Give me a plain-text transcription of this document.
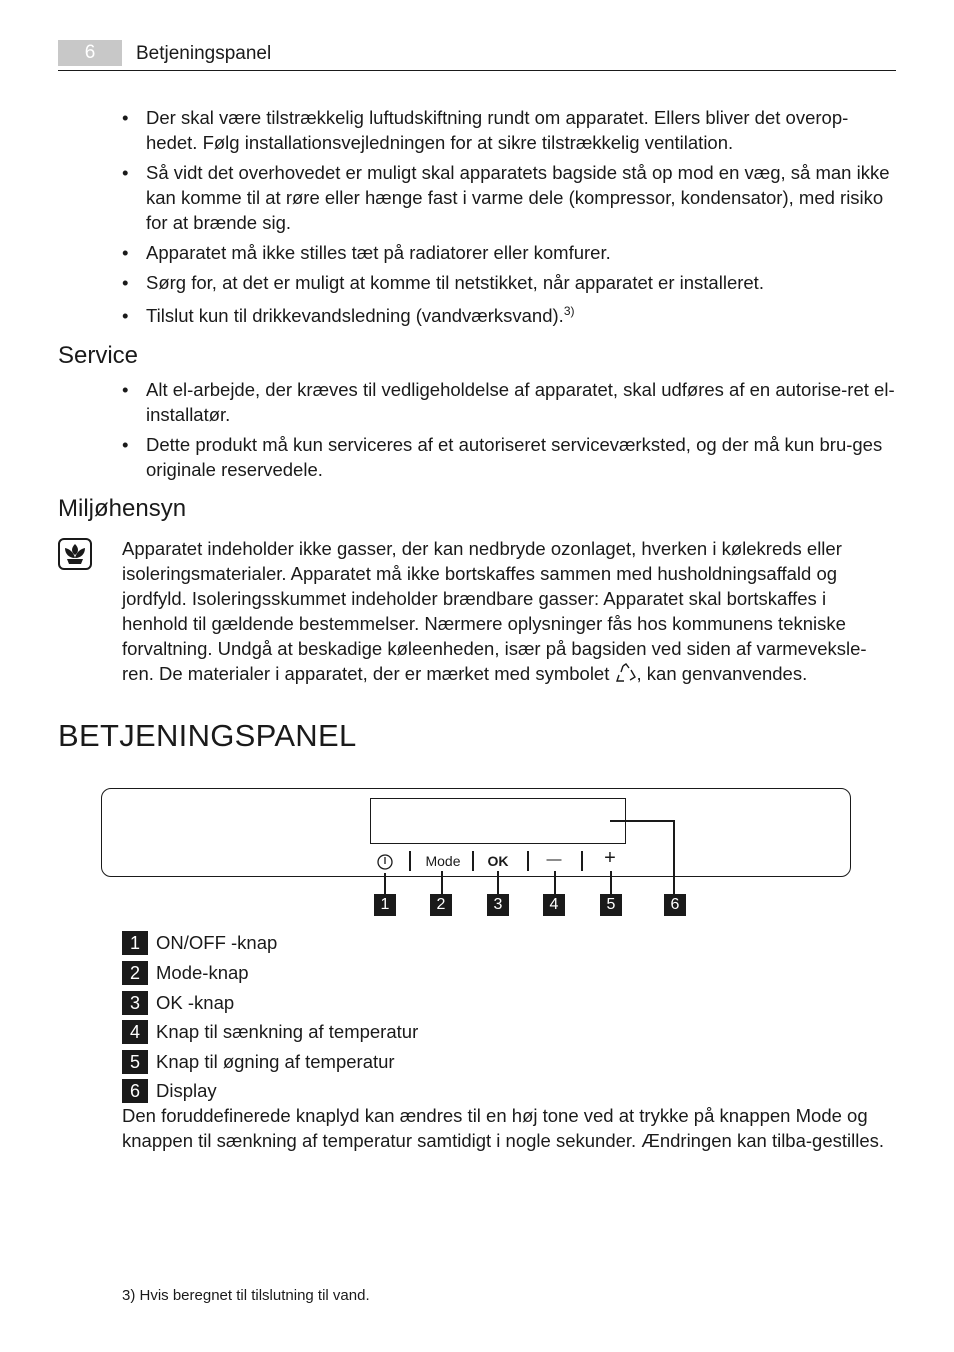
6	Betjeningspanel
• Der skal være tilstrækkelig luftudskiftning rundt om apparatet. Ellers bliver det overop-hedet. Følg installationsvejledningen for at sikre tilstrækkelig ventilation.
• Så vidt det overhovedet er muligt skal apparatets bagside stå op mod en væg, så man ikke kan komme til at røre eller hænge fast i varme dele (kompressor, kondensator), med risiko for at brænde sig.
• Apparatet må ikke stilles tæt på radiatorer eller komfurer.
• Sørg for, at det er muligt at komme til netstikket, når apparatet er installeret.
• Tilslut kun til drikkevandsledning (vandværksvand).$^{3)}$
Service
• Alt el-arbejde, der kræves til vedligeholdelse af apparatet, skal udføres af en autorise-ret el-installatør.
• Dette produkt må kun serviceres af et autoriseret serviceværksted, og der må kun bru-ges originale reservedele.
Miljøhensyn

Apparatet indeholder ikke gasser, der kan nedbryde ozonlaget, hverken i kølekreds eller isoleringsmaterialer. Apparatet må ikke bortskaffes sammen med husholdningsaffald og jordfyld. Isoleringsskummet indeholder brændbare gasser: Apparatet skal bortskaffes i henhold til gældende bestemmelser. Nærmere oplysninger fås hos kommunens tekniske forvaltning. Undgå at beskadige køleenheden, især på bagsiden ved siden af varmeveksle-ren. De materialer i apparatet, der er mærket med symbolet , kan genvanvendes.

BETJENINGSPANEL
Mode OK	—	+
1	2	3	4	5	6
1 ON/OFF -knap
2 Mode-knap
3 OK -knap
4 Knap til sænkning af temperatur
5 Knap til øgning af temperatur
6 Display

Den foruddefinerede knaplyd kan ændres til en høj tone ved at trykke på knappen Mode og knappen til sænkning af temperatur samtidigt i nogle sekunder. Ændringen kan tilba-gestilles.

3) Hvis beregnet til tilslutning til vand.
